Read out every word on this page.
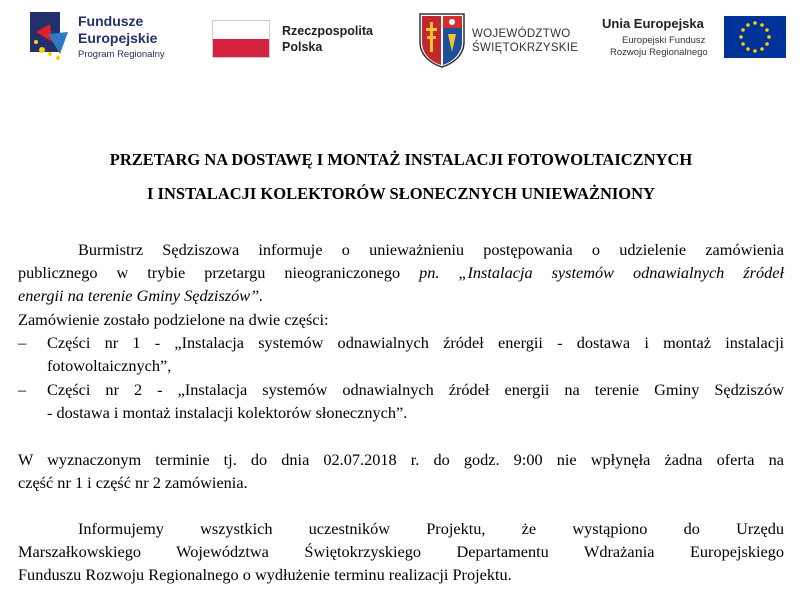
Fundusze
Europejskie
Program Regionalny
Rzeczpospolita
Polska
WOJEWÓDZTWO
ŚWIĘTOKRZYSKIE
Unia Europejska
Europejski Fundusz
Rozwoju Regionalnego
PRZETARG NA DOSTAWĘ I MONTAŻ INSTALACJI FOTOWOLTAICZNYCH
I INSTALACJI KOLEKTORÓW SŁONECZNYCH UNIEWAŻNIONY
Burmistrz Sędziszowa informuje o unieważnieniu postępowania o udzielenie zamówienia
publicznego w trybie przetargu nieograniczonego pn. „Instalacja systemów odnawialnych źródeł
energii na terenie Gminy Sędziszów”.
Zamówienie zostało podzielone na dwie części:
– Części nr 1 - „Instalacja systemów odnawialnych źródeł energii - dostawa i montaż instalacji
fotowoltaicznych”,
– Części nr 2 - „Instalacja systemów odnawialnych źródeł energii na terenie Gminy Sędziszów
- dostawa i montaż instalacji kolektorów słonecznych”.
W wyznaczonym terminie tj. do dnia 02.07.2018 r. do godz. 9:00 nie wpłynęła żadna oferta na
część nr 1 i część nr 2 zamówienia.
Informujemy wszystkich uczestników Projektu, że wystąpiono do Urzędu
Marszałkowskiego Województwa Świętokrzyskiego Departamentu Wdrażania Europejskiego
Funduszu Rozwoju Regionalnego o wydłużenie terminu realizacji Projektu.
